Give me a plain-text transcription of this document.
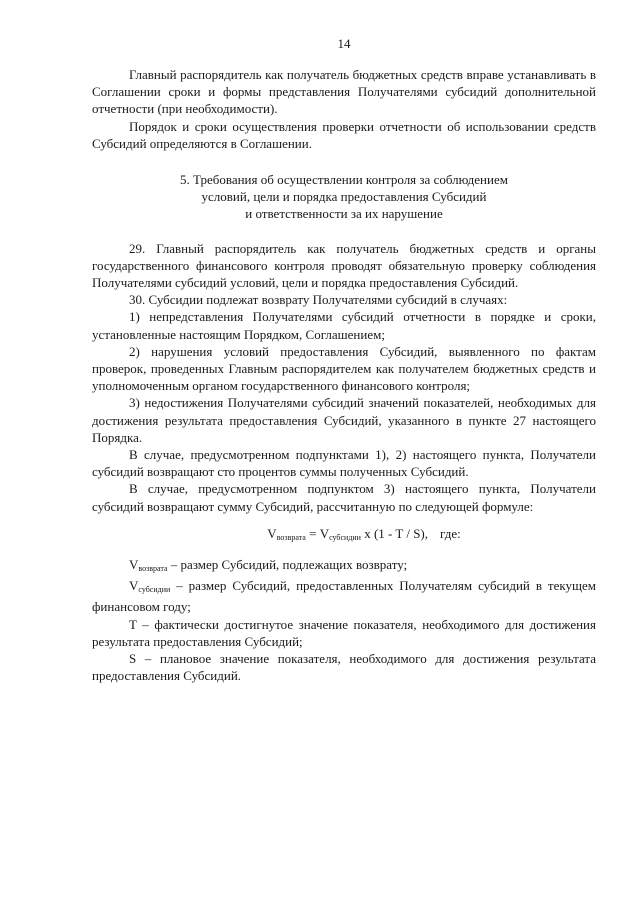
14

Главный распорядитель как получатель бюджетных средств вправе устанавливать в Соглашении сроки и формы представления Получателями субсидий дополнительной отчетности (при необходимости).

Порядок и сроки осуществления проверки отчетности об использовании средств Субсидий определяются в Соглашении.

5. Требования об осуществлении контроля за соблюдением
условий, цели и порядка предоставления Субсидий
и ответственности за их нарушение

29. Главный распорядитель как получатель бюджетных средств и органы государственного финансового контроля проводят обязательную проверку соблюдения Получателями субсидий условий, цели и порядка предоставления Субсидий.

30. Субсидии подлежат возврату Получателями субсидий в случаях:

1) непредставления Получателями субсидий отчетности в порядке и сроки, установленные настоящим Порядком, Соглашением;

2) нарушения условий предоставления Субсидий, выявленного по фактам проверок, проведенных Главным распорядителем как получателем бюджетных средств и уполномоченным органом государственного финансового контроля;

3) недостижения Получателями субсидий значений показателей, необходимых для достижения результата предоставления Субсидий, указанного в пункте 27 настоящего Порядка.

В случае, предусмотренном подпунктами 1), 2) настоящего пункта, Получатели субсидий возвращают сто процентов суммы полученных Субсидий.

В случае, предусмотренном подпунктом 3) настоящего пункта, Получатели субсидий возвращают сумму Субсидий, рассчитанную по следующей формуле:

$V_{возврата} = V_{субсидии}$ x (1 - T / S), где:

$V_{возврата}$ – размер Субсидий, подлежащих возврату;

$V_{субсидии}$ – размер Субсидий, предоставленных Получателям субсидий в текущем финансовом году;

T – фактически достигнутое значение показателя, необходимого для достижения результата предоставления Субсидий;

S – плановое значение показателя, необходимого для достижения результата предоставления Субсидий.
